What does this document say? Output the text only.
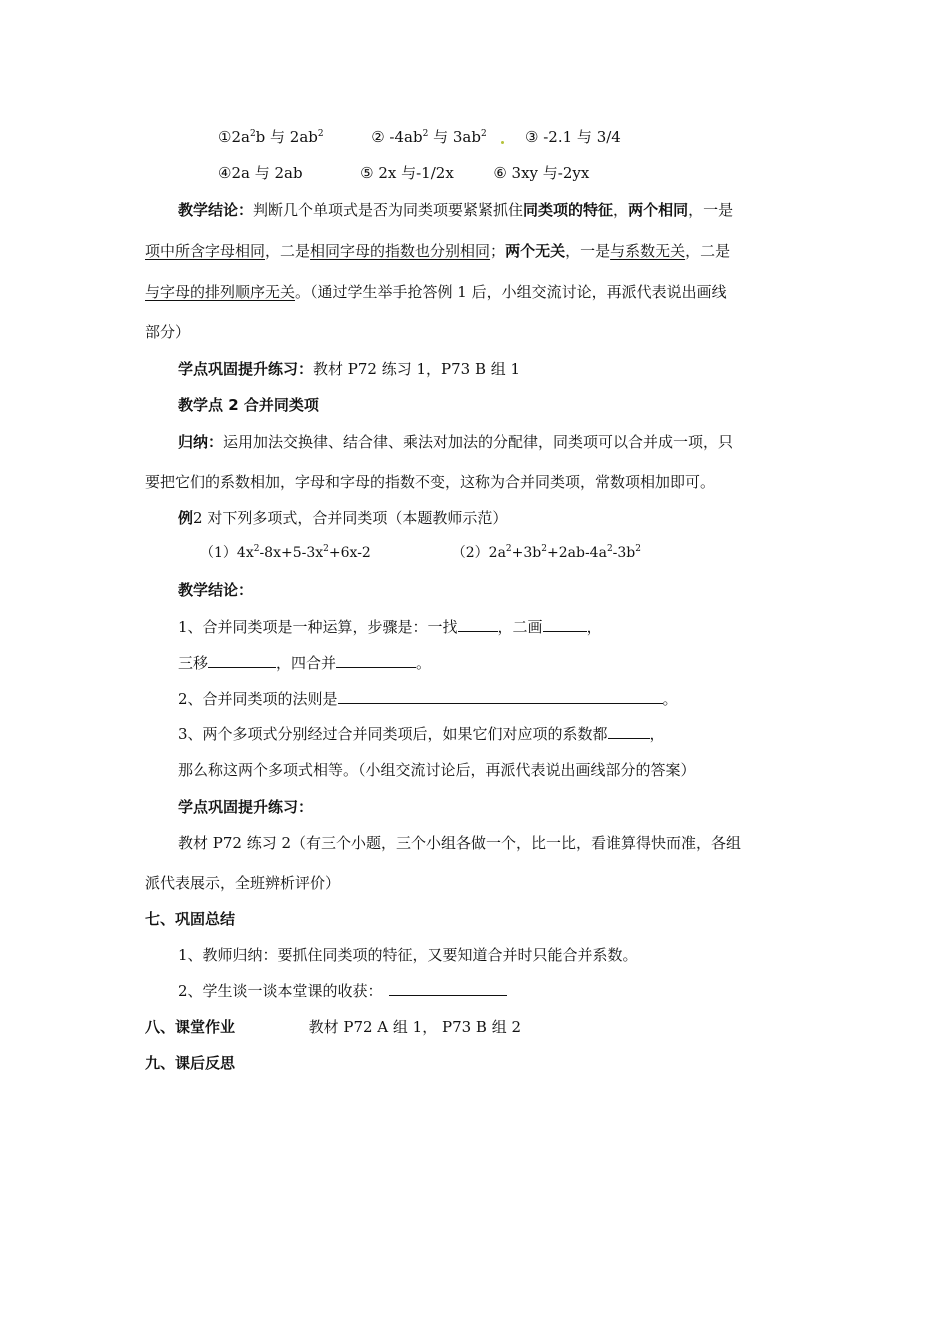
$①2a^2b$ 与 $2ab^2$	② $-4ab^2$ 与 $3ab^2$	③ -2.1 与 3/4
④2a 与 2ab	⑤ 2x 与-1/2x	⑥ 3xy 与-2yx
教学结论：判断几个单项式是否为同类项要紧紧抓住同类项的特征，两个相同，一是
项中所含字母相同，二是相同字母的指数也分别相同；两个无关，一是与系数无关，二是
与字母的排列顺序无关。（通过学生举手抢答例 1 后，小组交流讨论，再派代表说出画线
部分）
学点巩固提升练习：教材 P72 练习 1，P73 B 组 1
教学点 2 合并同类项
归纳：运用加法交换律、结合律、乘法对加法的分配律，同类项可以合并成一项，只
要把它们的系数相加，字母和字母的指数不变，这称为合并同类项，常数项相加即可。
例2 对下列多项式，合并同类项（本题教师示范）
$(1)4x^2-8x+5-3x^2+6x-2$	$(2)2a^2+3b^2+2ab-4a^2-3b^2$
教学结论：
1、合并同类项是一种运算，步骤是：一找	，二画	，
三移	，四合并	。
2、合并同类项的法则是	。
3、两个多项式分别经过合并同类项后，如果它们对应项的系数都	，
那么称这两个多项式相等。（小组交流讨论后，再派代表说出画线部分的答案）
学点巩固提升练习：
教材 P72 练习 2（有三个小题，三个小组各做一个，比一比，看谁算得快而准，各组
派代表展示，全班辨析评价）
七、巩固总结
1、教师归纳：要抓住同类项的特征，又要知道合并时只能合并系数。
2、学生谈一谈本堂课的收获：
八、课堂作业	教材 P72 A 组 1， P73 B 组 2
九、课后反思
